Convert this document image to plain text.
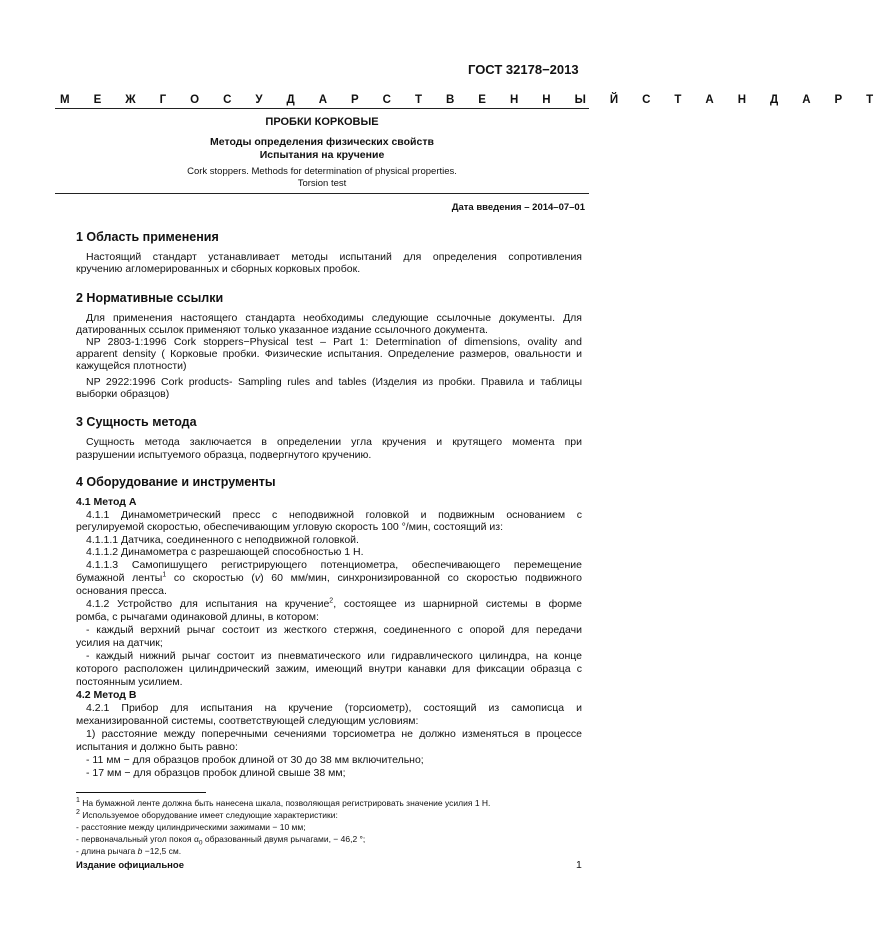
ГОСТ 32178−2013
М Е Ж Г О С У Д А Р С Т В Е Н Н Ы Й С Т А Н Д А Р Т
ПРОБКИ КОРКОВЫЕ
Методы определения физических свойств
Испытания на кручение
Cork stoppers. Methods for determination of physical properties.
Torsion test
Дата введения – 2014–07–01
1 Область применения
Настоящий стандарт устанавливает методы испытаний для определения сопротивления
кручению агломерированных и сборных корковых пробок.
2 Нормативные ссылки
Для применения настоящего стандарта необходимы следующие ссылочные документы. Для
датированных ссылок применяют только указанное издание ссылочного документа.
NP 2803-1:1996 Cork stoppers−Physical test – Part 1: Determination of dimensions, ovality and
apparent density ( Корковые пробки. Физические испытания. Определение размеров, овальности и
кажущейся плотности)
NP 2922:1996 Cork products- Sampling rules and tables (Изделия из пробки. Правила и таблицы
выборки образцов)
3 Сущность метода
Сущность метода заключается в определении угла кручения и крутящего момента при
разрушении испытуемого образца, подвергнутого кручению.
4 Оборудование и инструменты
4.1 Метод А
4.1.1 Динамометрический пресс с неподвижной головкой и подвижным основанием с
регулируемой скоростью, обеспечивающим угловую скорость 100 °/мин, состоящий из:
4.1.1.1 Датчика, соединенного с неподвижной головкой.
4.1.1.2 Динамометра с разрешающей способностью 1 Н.
4.1.1.3 Самопишущего регистрирующего потенциометра, обеспечивающего перемещение
бумажной ленты$^1$ со скоростью (v) 60 мм/мин, синхронизированной со скоростью подвижного
основания пресса.
4.1.2 Устройство для испытания на кручение$^2$, состоящее из шарнирной системы в форме
ромба, с рычагами одинаковой длины, в котором:
- каждый верхний рычаг состоит из жесткого стержня, соединенного с опорой для передачи
усилия на датчик;
- каждый нижний рычаг состоит из пневматического или гидравлического цилиндра, на конце
которого расположен цилиндрический зажим, имеющий внутри канавки для фиксации образца с
постоянным усилием.
4.2 Метод В
4.2.1 Прибор для испытания на кручение (торсиометр), состоящий из самописца и
механизированной системы, соответствующей следующим условиям:
1) расстояние между поперечными сечениями торсиометра не должно изменяться в процессе
испытания и должно быть равно:
- 11 мм − для образцов пробок длиной от 30 до 38 мм включительно;
- 17 мм − для образцов пробок длиной свыше 38 мм;
$^1$ На бумажной ленте должна быть нанесена шкала, позволяющая регистрировать значение усилия 1 Н.
$^2$ Используемое оборудование имеет следующие характеристики:
- расстояние между цилиндрическими зажимами − 10 мм;
- первоначальный угол покоя $\alpha_0$ образованный двумя рычагами, − 46,2 °;
- длина рычага b −12,5 см.
Издание официальное	1
